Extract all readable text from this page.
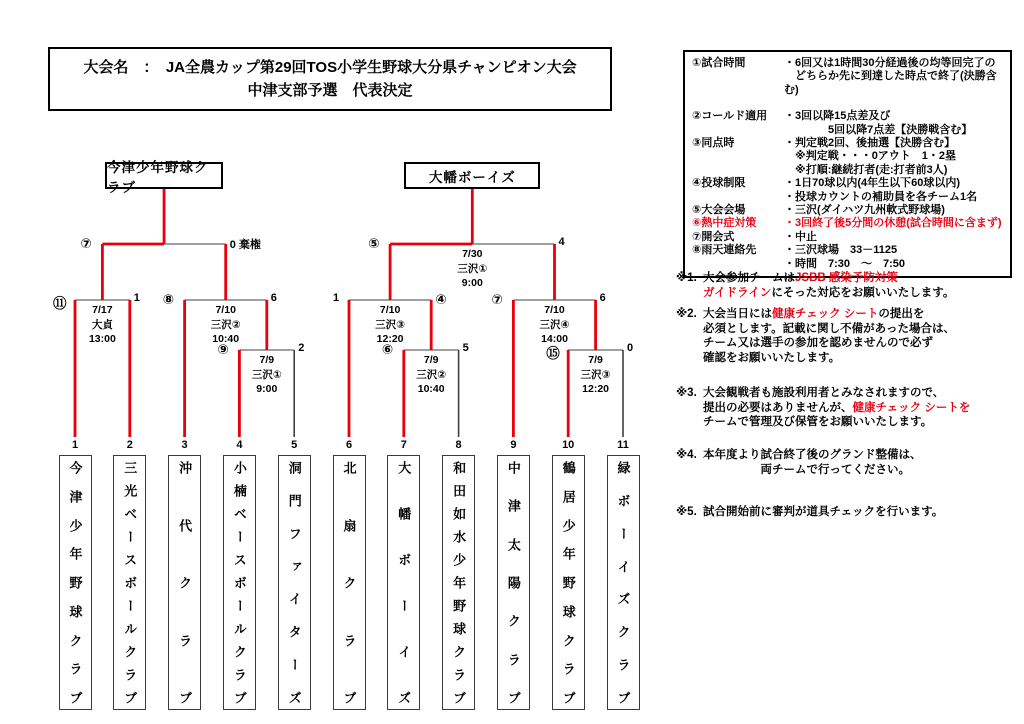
大会名　：　JA全農カップ第29回TOS小学生野球大分県チャンピオン大会
中津支部予選　代表決定
①試合時間	・6回又は1時間30分経過後の均等回完了の
　どちらか先に到達した時点で終了(決勝含む)
②コールド適用	・3回以降15点差及び
　　　　5回以降7点差【決勝戦含む】
③同点時	・判定戦2回、後抽選【決勝含む】
　※判定戦・・・0アウト　1・2塁
　※打順:継続打者(走:打者前3人)
④投球制限	・1日70球以内(4年生以下60球以内)
・投球カウントの補助員を各チーム1名
⑤大会会場	・三沢(ダイハツ九州軟式野球場)
⑥熱中症対策	・3回終了後5分間の休憩(試合時間に含まず)
⑦開会式	・中止
⑧雨天連絡先	・三沢球場　33－1125
・時間　7:30　～　7:50
※1. 大会参加チームはJSBB 感染予防対策
ガイドラインにそった対応をお願いいたします。
※2. 大会当日には健康チェック シートの提出を
必須とします。記載に関し不備があった場合は、
チーム又は選手の参加を認めませんので必ず
確認をお願いいたします。
※3. 大会観戦者も施設利用者とみなされますので、
提出の必要はありませんが、健康チェック シートを
チームで管理及び保管をお願いいたします。
※4. 本年度より試合終了後のグランド整備は、
　　　　　両チームで行ってください。
※5. 試合開始前に審判が道具チェックを行います。
今津少年野球クラブ
大幡ボーイズ
⑪	1
7/17
大貞
13:00
⑧	6
7/10
三沢②
10:40
⑨	2
7/9
三沢①
9:00
1	④
7/10
三沢③
12:20
⑥	5
7/9
三沢②
10:40
⑦	6
7/10
三沢④
14:00
⑮	0
7/9
三沢③
12:20
⑦	0 棄権	⑤	4
7/30
三沢①
9:00
1
今
津
少
年
野
球
ク
ラ
ブ
2
三
光
ベ
ー
ス
ボ
ー
ル
ク
ラ
ブ
3
沖
代
ク
ラ
ブ
4
小
楠
ベ
ー
ス
ボ
ー
ル
ク
ラ
ブ
5
洞
門
フ
ァ
イ
タ
ー
ズ
6
北
扇
ク
ラ
ブ
7
大
幡
ボ
ー
イ
ズ
8
和
田
如
水
少
年
野
球
ク
ラ
ブ
9
中
津
太
陽
ク
ラ
ブ
10
鶴
居
少
年
野
球
ク
ラ
ブ
11
緑
ボ
ー
イ
ズ
ク
ラ
ブ
